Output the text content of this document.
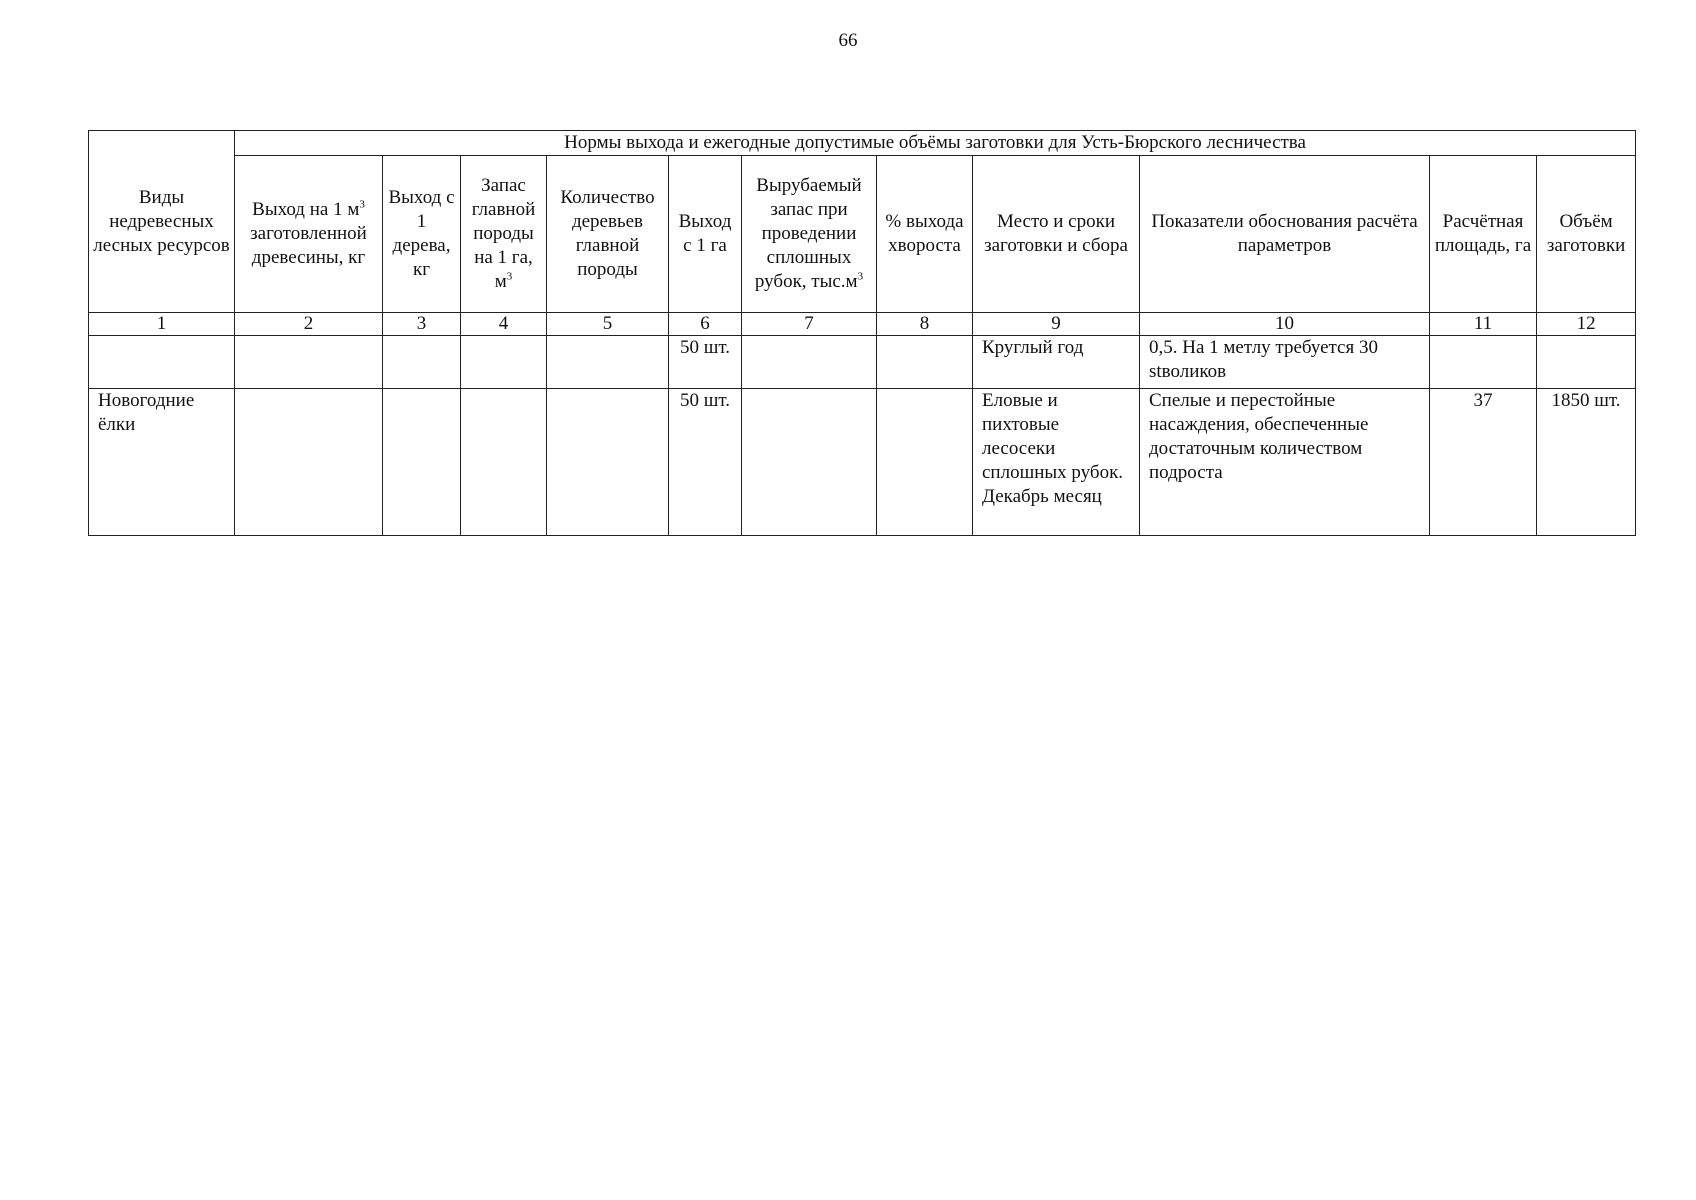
66
Виды недревесных лесных ресурсов	Нормы выхода и ежегодные допустимые объёмы заготовки для Усть-Бюрского лесничества										
	Выход на 1 $м^3$ заготовленной древесины, кг	Выход с 1 дерева, кг	Запас главной породы на 1 га, $м^3$	Количество деревьев главной породы	Выход с 1 га	Вырубаемый запас при проведении сплошных рубок, $тыс.м^3$	% выхода хвороста	Место и сроки заготовки и сбора	Показатели обоснования расчёта параметров	Расчётная площадь, га	Объём заготовки
1	2	3	4	5	6	7	8	9	10	11	12
					50 шт.			Круглый год	0,5. На 1 метлу требуется 30 stволиков		
Новогодние ёлки					50 шт.			Еловые и пихтовые лесосеки сплошных рубок. Декабрь месяц	Спелые и перестойные насаждения, обеспеченные достаточным количеством подроста	37	1850 шт.
